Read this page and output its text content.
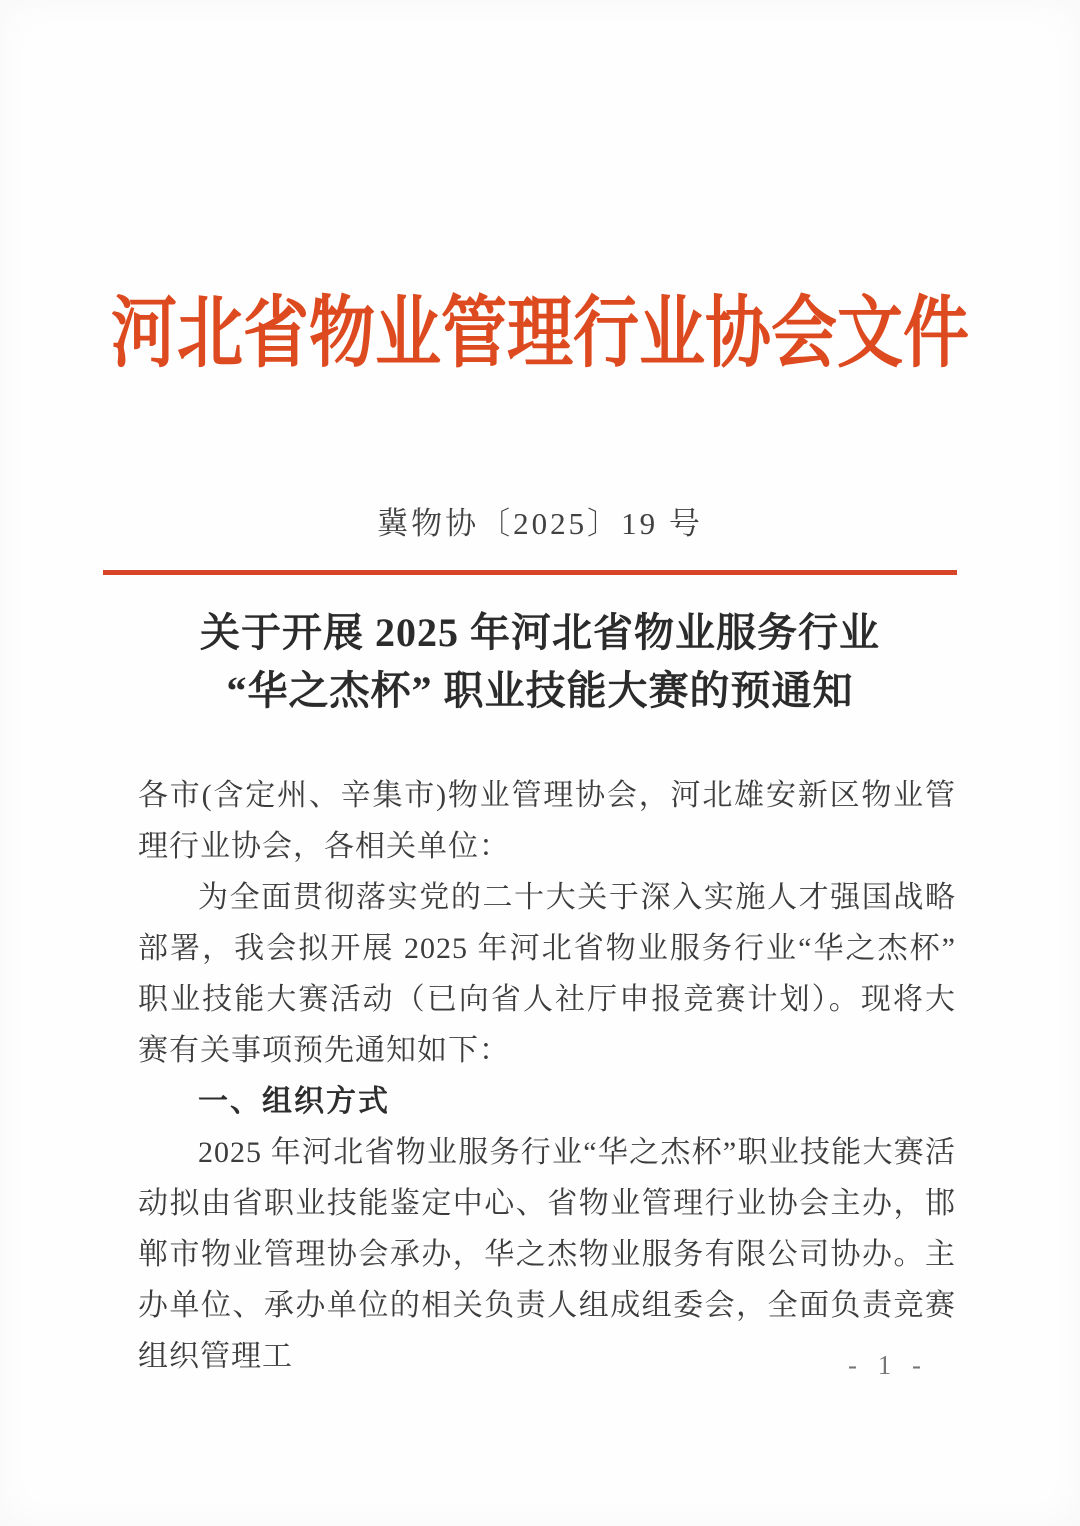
河北省物业管理行业协会文件
冀物协〔2025〕19 号
关于开展 2025 年河北省物业服务行业
“华之杰杯” 职业技能大赛的预通知

各市(含定州、辛集市)物业管理协会，河北雄安新区物业管理行业协会，各相关单位：

为全面贯彻落实党的二十大关于深入实施人才强国战略部署，我会拟开展 2025 年河北省物业服务行业“华之杰杯”职业技能大赛活动（已向省人社厅申报竞赛计划）。现将大赛有关事项预先通知如下：

一、组织方式

2025 年河北省物业服务行业“华之杰杯”职业技能大赛活动拟由省职业技能鉴定中心、省物业管理行业协会主办，邯郸市物业管理协会承办，华之杰物业服务有限公司协办。主办单位、承办单位的相关负责人组成组委会，全面负责竞赛组织管理工	- 1 -
